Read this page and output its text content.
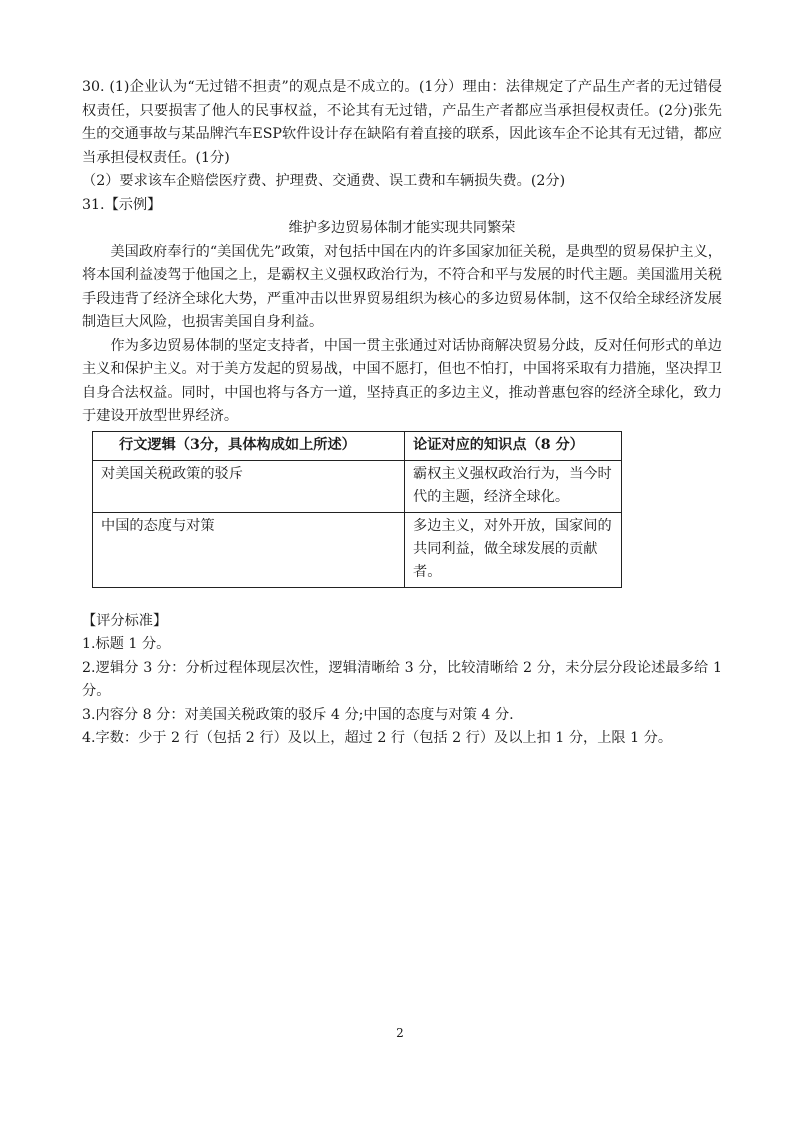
30. (1)企业认为“无过错不担责”的观点是不成立的。(1分）理由：法律规定了产品生产者的无过错侵权责任，只要损害了他人的民事权益，不论其有无过错，产品生产者都应当承担侵权责任。(2分)张先生的交通事故与某品牌汽车ESP软件设计存在缺陷有着直接的联系，因此该车企不论其有无过错，都应当承担侵权责任。(1分)

（2）要求该车企赔偿医疗费、护理费、交通费、误工费和车辆损失费。(2分)

31.【示例】

维护多边贸易体制才能实现共同繁荣

美国政府奉行的“美国优先”政策，对包括中国在内的许多国家加征关税，是典型的贸易保护主义，将本国利益凌驾于他国之上，是霸权主义强权政治行为，不符合和平与发展的时代主题。美国滥用关税手段违背了经济全球化大势，严重冲击以世界贸易组织为核心的多边贸易体制，这不仅给全球经济发展制造巨大风险，也损害美国自身利益。

作为多边贸易体制的坚定支持者，中国一贯主张通过对话协商解决贸易分歧，反对任何形式的单边主义和保护主义。对于美方发起的贸易战，中国不愿打，但也不怕打，中国将采取有力措施，坚决捍卫自身合法权益。同时，中国也将与各方一道，坚持真正的多边主义，推动普惠包容的经济全球化，致力于建设开放型世界经济。

行文逻辑（3分，具体构成如上所述）	论证对应的知识点（8 分）
对美国关税政策的驳斥	霸权主义强权政治行为，当今时代的主题，经济全球化。
中国的态度与对策	多边主义，对外开放，国家间的共同利益，做全球发展的贡献者。

【评分标准】

1.标题 1 分。

2.逻辑分 3 分：分析过程体现层次性，逻辑清晰给 3 分，比较清晰给 2 分，未分层分段论述最多给 1 分。

3.内容分 8 分：对美国关税政策的驳斥 4 分;中国的态度与对策 4 分.

4.字数：少于 2 行（包括 2 行）及以上，超过 2 行（包括 2 行）及以上扣 1 分，上限 1 分。

2
